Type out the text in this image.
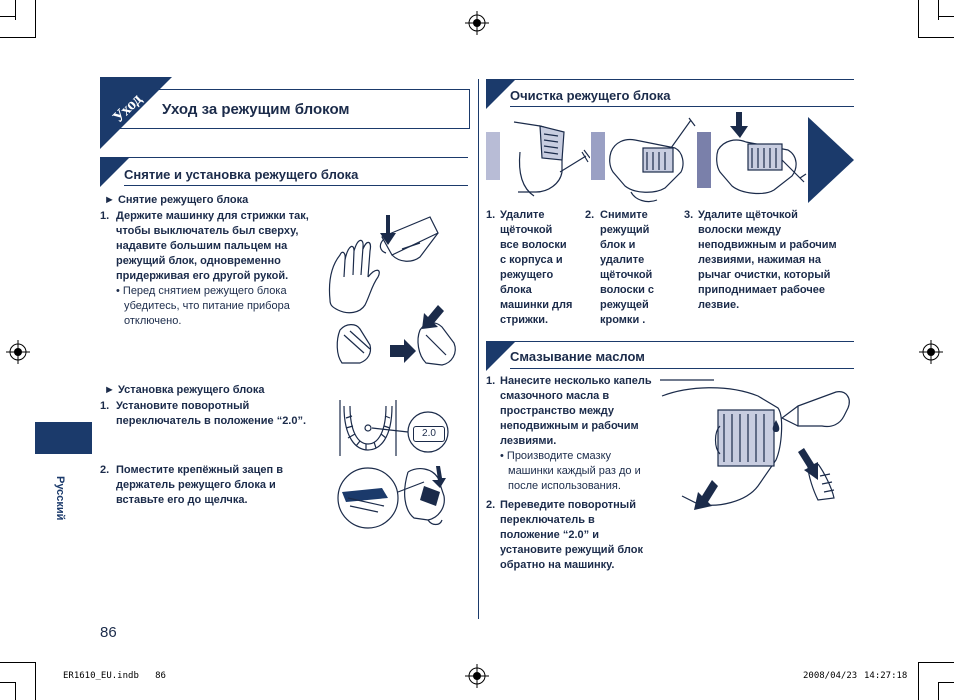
Уход	Уход за режущим блоком
Снятие и установка режущего блока
► Снятие режущего блока
1. Держите машинку для стрижки так,
чтобы выключатель был сверху,
надавите большим пальцем на
режущий блок, одновременно
придерживая его другой рукой.
• Перед снятием режущего блока
убедитесь, что питание прибора
отключено.
► Установка режущего блока
1. Установите поворотный
переключатель в положение “2.0”.
2. Поместите крепёжный зацеп в
держатель режущего блока и
вставьте его до щелчка.
2.0
Очистка режущего блока
1. Удалите
щёточкой
все волоски
с корпуса и
режущего
блока
машинки для
стрижки.
2. Снимите
режущий
блок и
удалите
щёточкой
волоски с
режущей
кромки .
3. Удалите щёточкой
волоски между
неподвижным и рабочим
лезвиями, нажимая на
рычаг очистки, который
приподнимает рабочее
лезвие.
Смазывание маслом
1. Нанесите несколько капель
смазочного масла в
пространство между
неподвижным и рабочим
лезвиями.
• Производите смазку
машинки каждый раз до и
после использования.
2. Переведите поворотный
переключатель в
положение “2.0” и
установите режущий блок
обратно на машинку.
Русский
86
ER1610_EU.indb   86	2008/04/23 14:27:18
